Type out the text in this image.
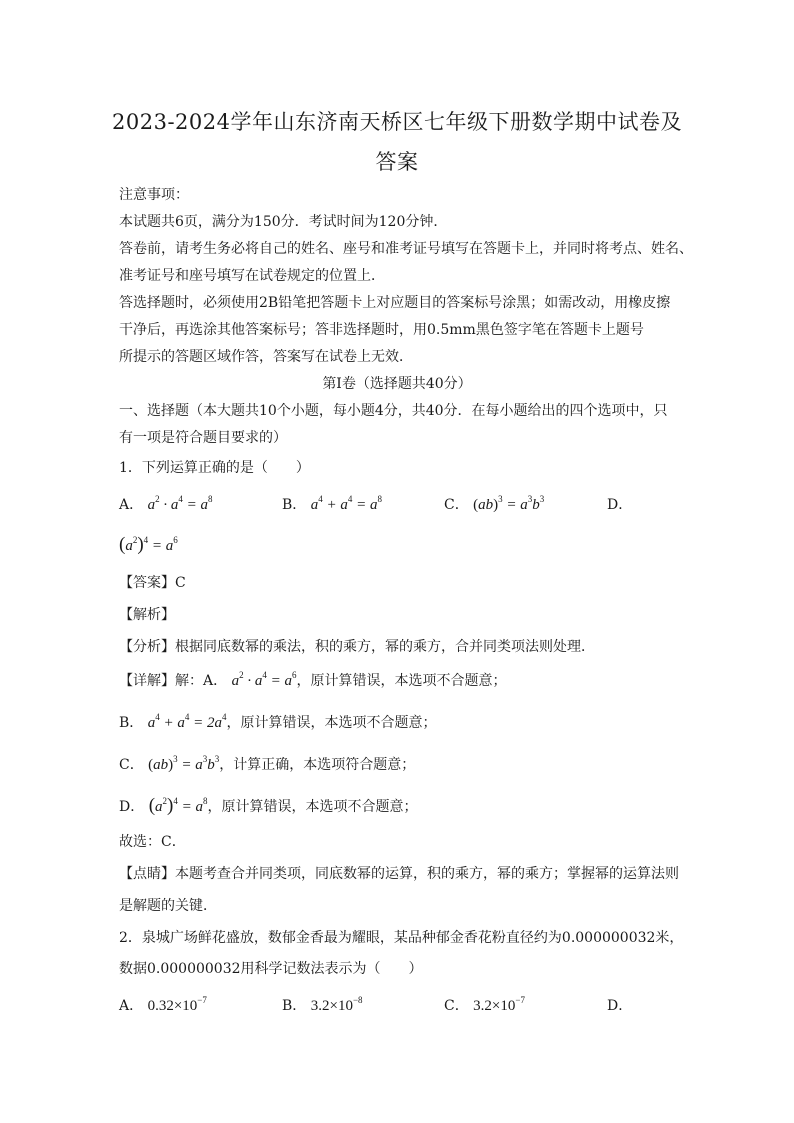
2023-2024学年山东济南天桥区七年级下册数学期中试卷及
答案
注意事项：
本试题共6页，满分为150分．考试时间为120分钟．
答卷前，请考生务必将自己的姓名、座号和准考证号填写在答题卡上，并同时将考点、姓名、
准考证号和座号填写在试卷规定的位置上．
答选择题时，必须使用2B铅笔把答题卡上对应题目的答案标号涂黑；如需改动，用橡皮擦
干净后，再选涂其他答案标号；答非选择题时，用0.5mm黑色签字笔在答题卡上题号
所提示的答题区域作答，答案写在试卷上无效．
第Ⅰ卷（选择题共40分）
一、选择题（本大题共10个小题，每小题4分，共40分．在每小题给出的四个选项中，只
有一项是符合题目要求的）
1．下列运算正确的是（　　）
A． $a^2 \cdot a^4 = a^8$	B． $a^4 + a^4 = a^8$	C． $(ab)^3 = a^3b^3$	D．
$(a^2)^4 = a^6$
【答案】C
【解析】
【分析】根据同底数幂的乘法，积的乘方，幂的乘方，合并同类项法则处理．
【详解】解：A． $a^2 \cdot a^4 = a^6$，原计算错误，本选项不合题意；
B． $a^4 + a^4 = 2a^4$，原计算错误，本选项不合题意；
C． $(ab)^3 = a^3b^3$，计算正确，本选项符合题意；
D． $(a^2)^4 = a^8$，原计算错误，本选项不合题意；
故选：C．
【点睛】本题考查合并同类项，同底数幂的运算，积的乘方，幂的乘方；掌握幂的运算法则
是解题的关键．
2．泉城广场鲜花盛放，数郁金香最为耀眼，某品种郁金香花粉直径约为0.000000032米，
数据0.000000032用科学记数法表示为（　　）
A． $0.32\times 10^{-7}$	B． $3.2\times 10^{-8}$	C． $3.2\times 10^{-7}$	D．
